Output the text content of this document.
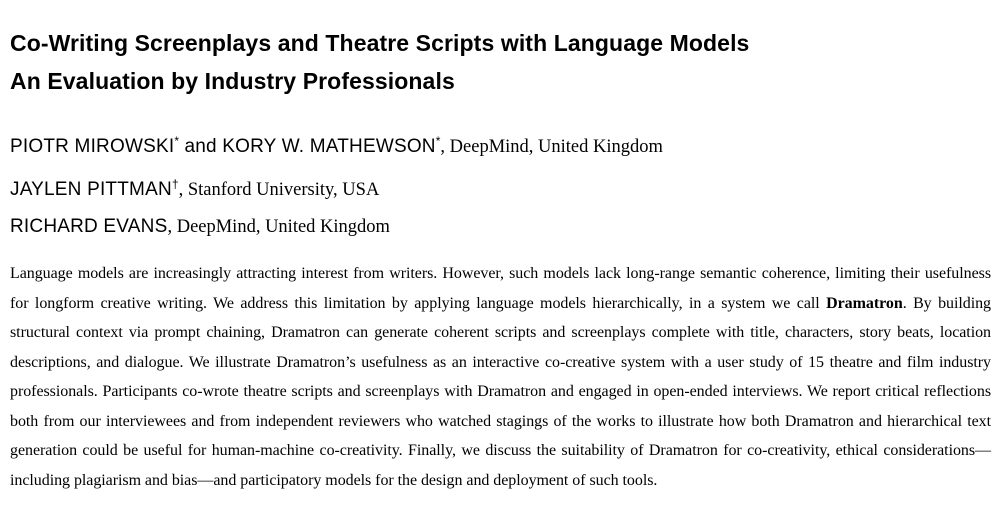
Co-Writing Screenplays and Theatre Scripts with Language Models
An Evaluation by Industry Professionals
PIOTR MIROWSKI* and KORY W. MATHEWSON*, DeepMind, United Kingdom
JAYLEN PITTMAN†, Stanford University, USA
RICHARD EVANS, DeepMind, United Kingdom

Language models are increasingly attracting interest from writers. However, such models lack long-range semantic coherence, limiting their usefulness for longform creative writing. We address this limitation by applying language models hierarchically, in a system we call Dramatron. By building structural context via prompt chaining, Dramatron can generate coherent scripts and screenplays complete with title, characters, story beats, location descriptions, and dialogue. We illustrate Dramatron’s usefulness as an interactive co-creative system with a user study of 15 theatre and film industry professionals. Participants co-wrote theatre scripts and screenplays with Dramatron and engaged in open-ended interviews. We report critical reflections both from our interviewees and from independent reviewers who watched stagings of the works to illustrate how both Dramatron and hierarchical text generation could be useful for human-machine co-creativity. Finally, we discuss the suitability of Dramatron for co-creativity, ethical considerations—including plagiarism and bias—and participatory models for the design and deployment of such tools.
